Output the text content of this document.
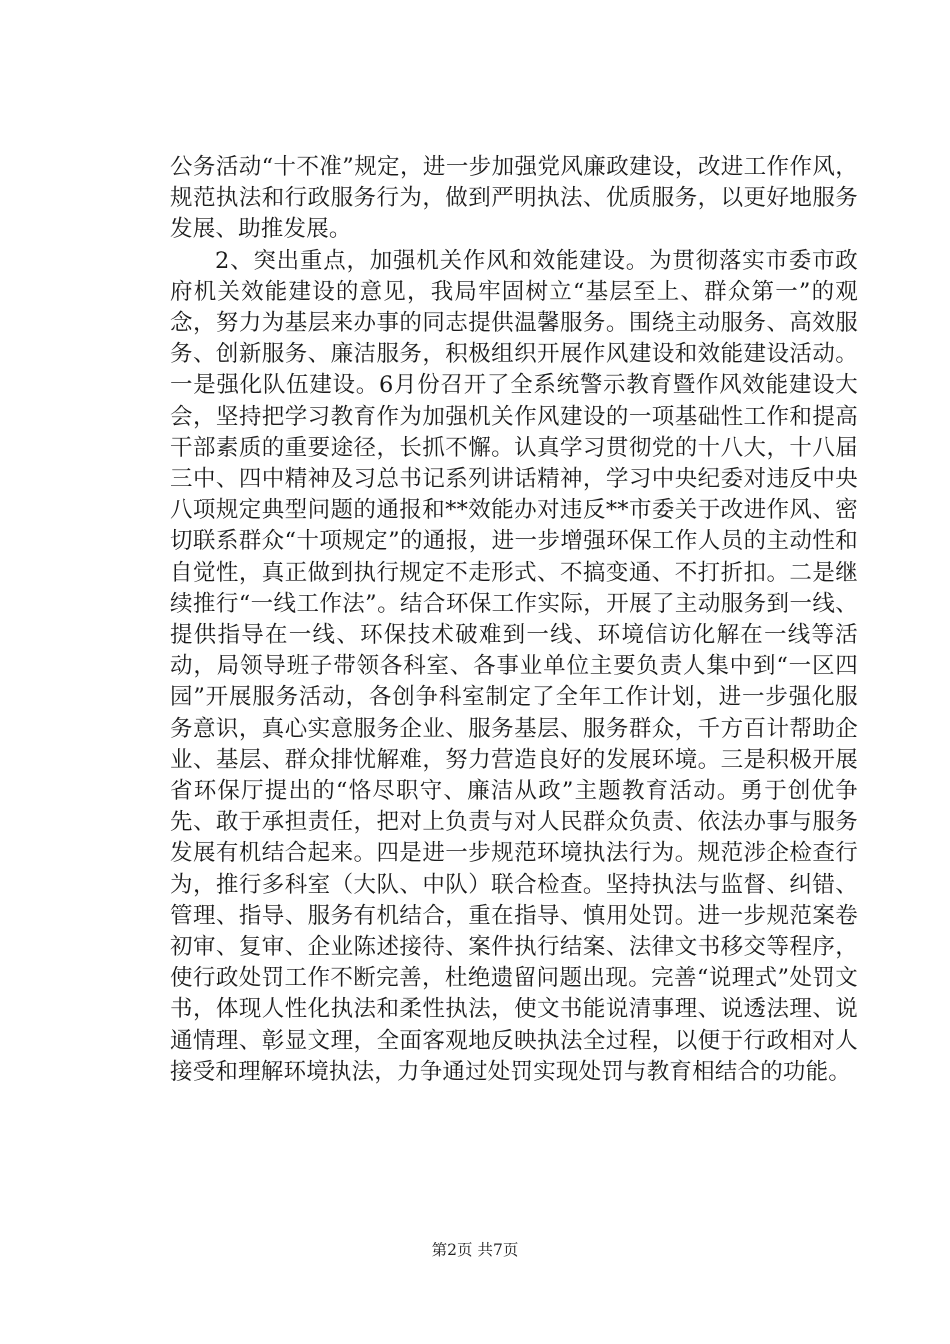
公务活动“十不准”规定，进一步加强党风廉政建设，改进工作作风，规范执法和行政服务行为，做到严明执法、优质服务，以更好地服务发展、助推发展。

2、突出重点，加强机关作风和效能建设。为贯彻落实市委市政府机关效能建设的意见，我局牢固树立“基层至上、群众第一”的观念，努力为基层来办事的同志提供温馨服务。围绕主动服务、高效服务、创新服务、廉洁服务，积极组织开展作风建设和效能建设活动。一是强化队伍建设。6月份召开了全系统警示教育暨作风效能建设大会，坚持把学习教育作为加强机关作风建设的一项基础性工作和提高干部素质的重要途径，长抓不懈。认真学习贯彻党的十八大，十八届三中、四中精神及习总书记系列讲话精神，学习中央纪委对违反中央八项规定典型问题的通报和**效能办对违反**市委关于改进作风、密切联系群众“十项规定”的通报，进一步增强环保工作人员的主动性和自觉性，真正做到执行规定不走形式、不搞变通、不打折扣。二是继续推行“一线工作法”。结合环保工作实际，开展了主动服务到一线、提供指导在一线、环保技术破难到一线、环境信访化解在一线等活动，局领导班子带领各科室、各事业单位主要负责人集中到“一区四园”开展服务活动，各创争科室制定了全年工作计划，进一步强化服务意识，真心实意服务企业、服务基层、服务群众，千方百计帮助企业、基层、群众排忧解难，努力营造良好的发展环境。三是积极开展省环保厅提出的“恪尽职守、廉洁从政”主题教育活动。勇于创优争先、敢于承担责任，把对上负责与对人民群众负责、依法办事与服务发展有机结合起来。四是进一步规范环境执法行为。规范涉企检查行为，推行多科室（大队、中队）联合检查。坚持执法与监督、纠错、管理、指导、服务有机结合，重在指导、慎用处罚。进一步规范案卷初审、复审、企业陈述接待、案件执行结案、法律文书移交等程序，使行政处罚工作不断完善，杜绝遗留问题出现。完善“说理式”处罚文书，体现人性化执法和柔性执法，使文书能说清事理、说透法理、说通情理、彰显文理，全面客观地反映执法全过程，以便于行政相对人接受和理解环境执法，力争通过处罚实现处罚与教育相结合的功能。

第2页 共7页
